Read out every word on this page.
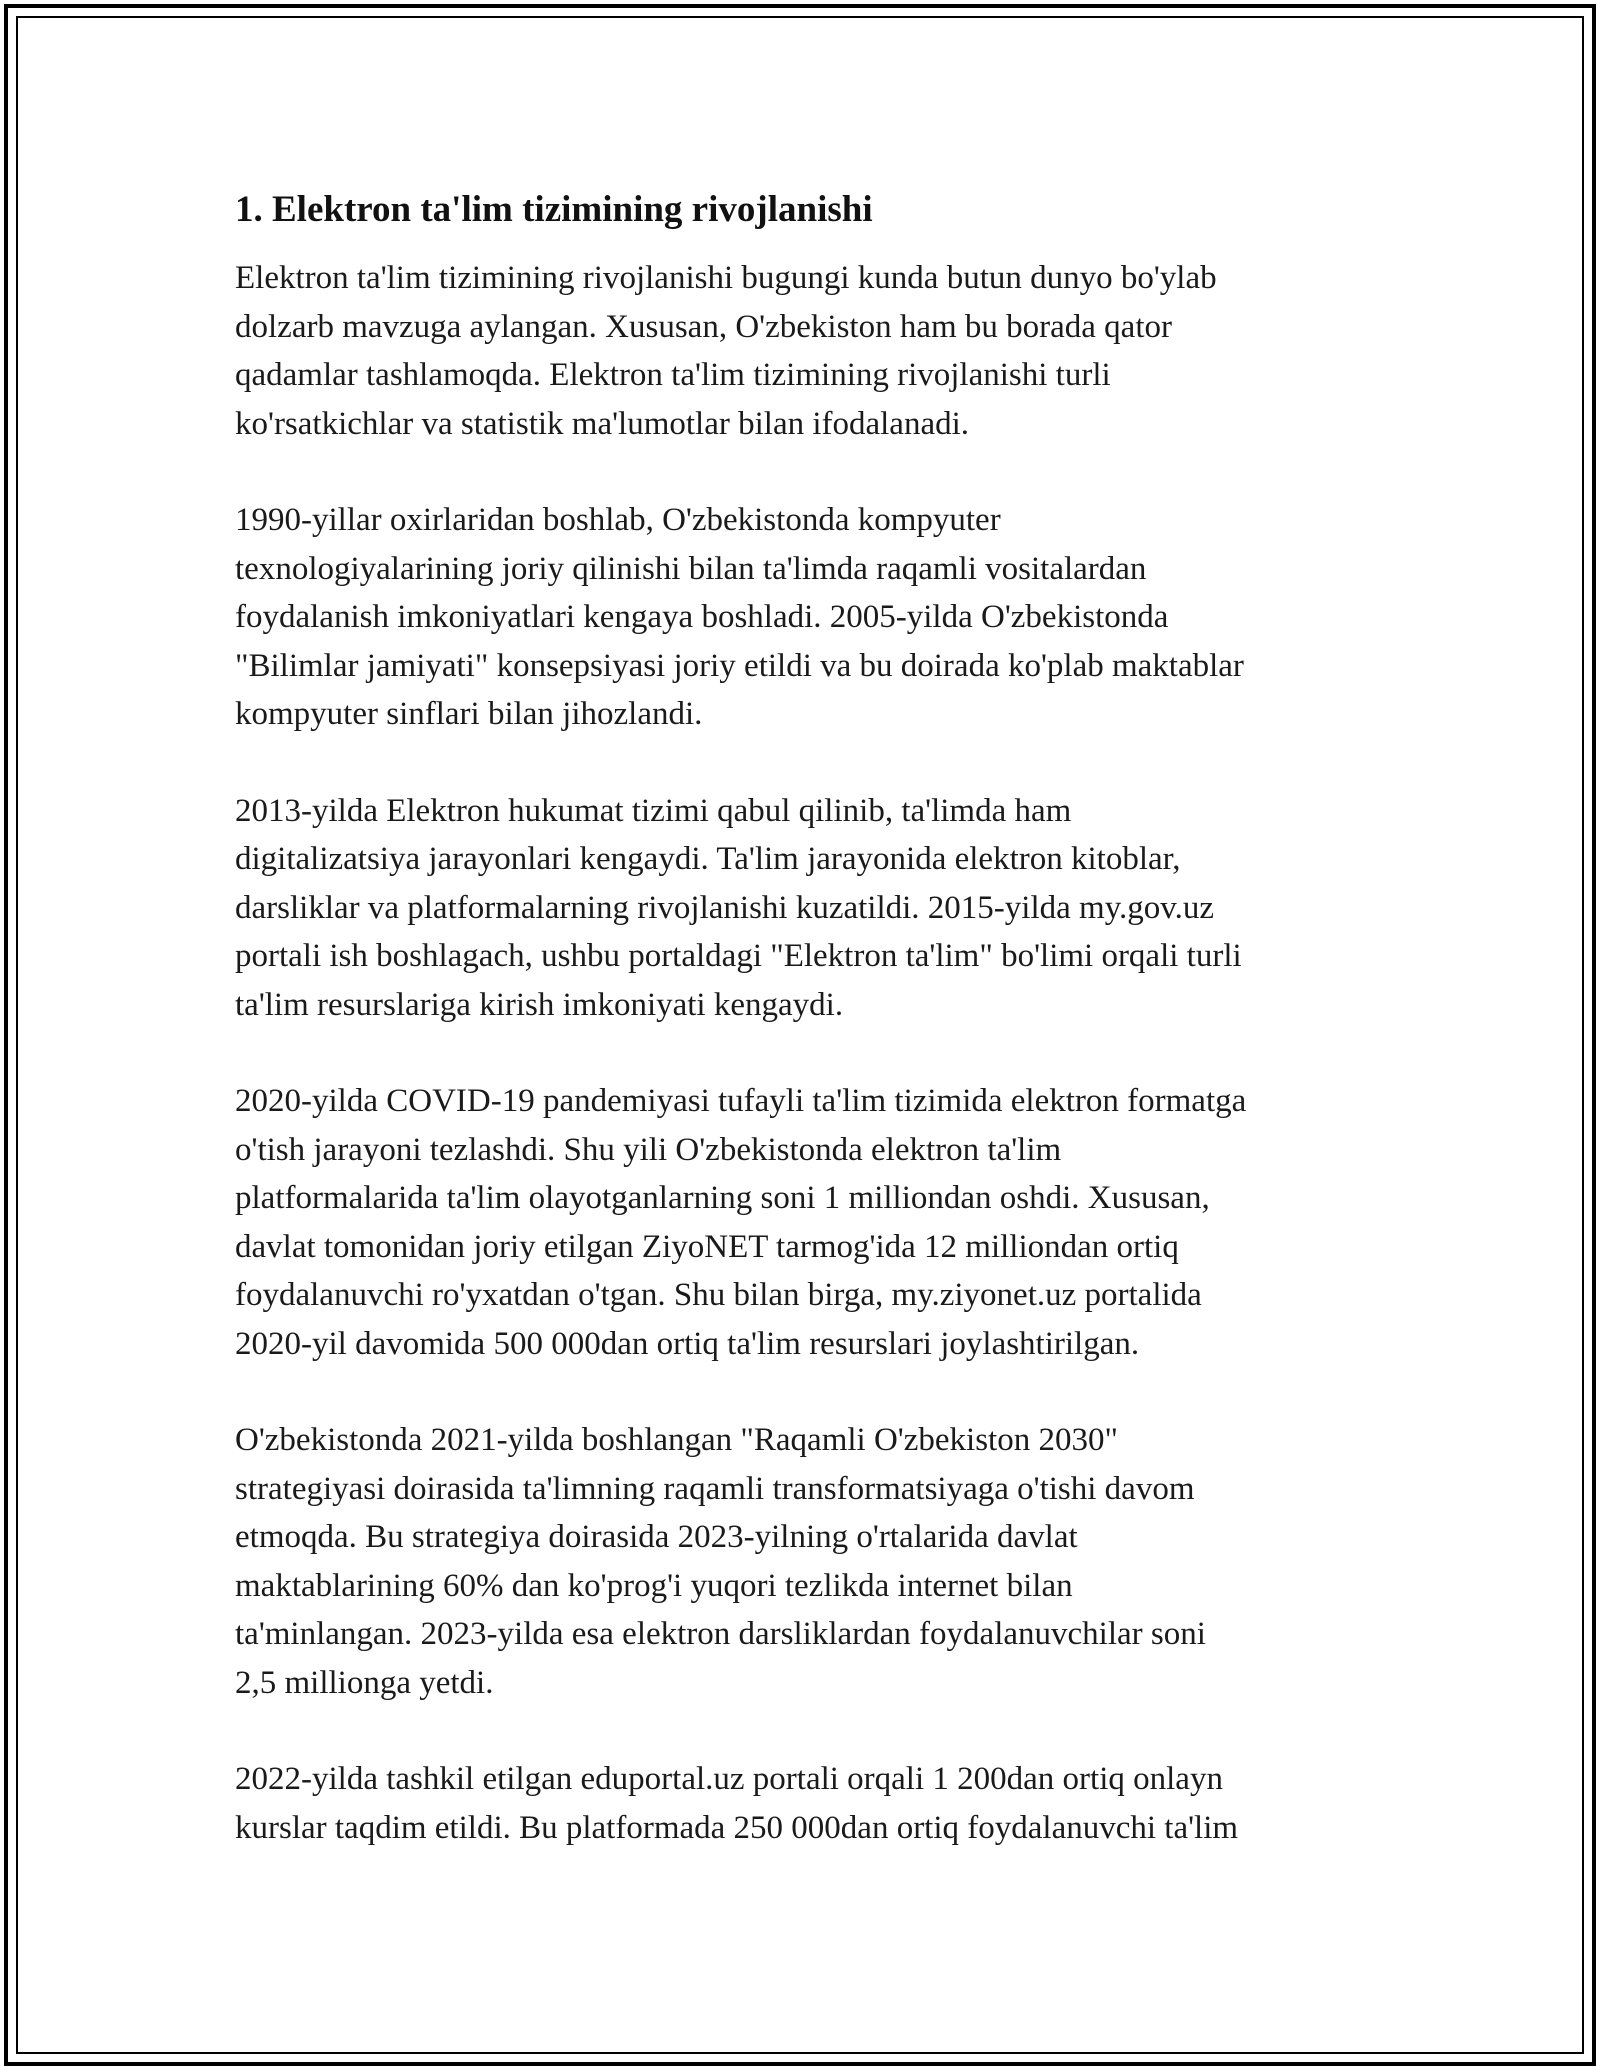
1. Elektron ta'lim tizimining rivojlanishi

Elektron ta'lim tizimining rivojlanishi bugungi kunda butun dunyo bo'ylab
dolzarb mavzuga aylangan. Xususan, O'zbekiston ham bu borada qator
qadamlar tashlamoqda. Elektron ta'lim tizimining rivojlanishi turli
ko'rsatkichlar va statistik ma'lumotlar bilan ifodalanadi.

1990-yillar oxirlaridan boshlab, O'zbekistonda kompyuter
texnologiyalarining joriy qilinishi bilan ta'limda raqamli vositalardan
foydalanish imkoniyatlari kengaya boshladi. 2005-yilda O'zbekistonda
"Bilimlar jamiyati" konsepsiyasi joriy etildi va bu doirada ko'plab maktablar
kompyuter sinflari bilan jihozlandi.

2013-yilda Elektron hukumat tizimi qabul qilinib, ta'limda ham
digitalizatsiya jarayonlari kengaydi. Ta'lim jarayonida elektron kitoblar,
darsliklar va platformalarning rivojlanishi kuzatildi. 2015-yilda my.gov.uz
portali ish boshlagach, ushbu portaldagi "Elektron ta'lim" bo'limi orqali turli
ta'lim resurslariga kirish imkoniyati kengaydi.

2020-yilda COVID-19 pandemiyasi tufayli ta'lim tizimida elektron formatga
o'tish jarayoni tezlashdi. Shu yili O'zbekistonda elektron ta'lim
platformalarida ta'lim olayotganlarning soni 1 milliondan oshdi. Xususan,
davlat tomonidan joriy etilgan ZiyoNET tarmog'ida 12 milliondan ortiq
foydalanuvchi ro'yxatdan o'tgan. Shu bilan birga, my.ziyonet.uz portalida
2020-yil davomida 500 000dan ortiq ta'lim resurslari joylashtirilgan.

O'zbekistonda 2021-yilda boshlangan "Raqamli O'zbekiston 2030"
strategiyasi doirasida ta'limning raqamli transformatsiyaga o'tishi davom
etmoqda. Bu strategiya doirasida 2023-yilning o'rtalarida davlat
maktablarining 60% dan ko'prog'i yuqori tezlikda internet bilan
ta'minlangan. 2023-yilda esa elektron darsliklardan foydalanuvchilar soni
2,5 millionga yetdi.

2022-yilda tashkil etilgan eduportal.uz portali orqali 1 200dan ortiq onlayn
kurslar taqdim etildi. Bu platformada 250 000dan ortiq foydalanuvchi ta'lim
